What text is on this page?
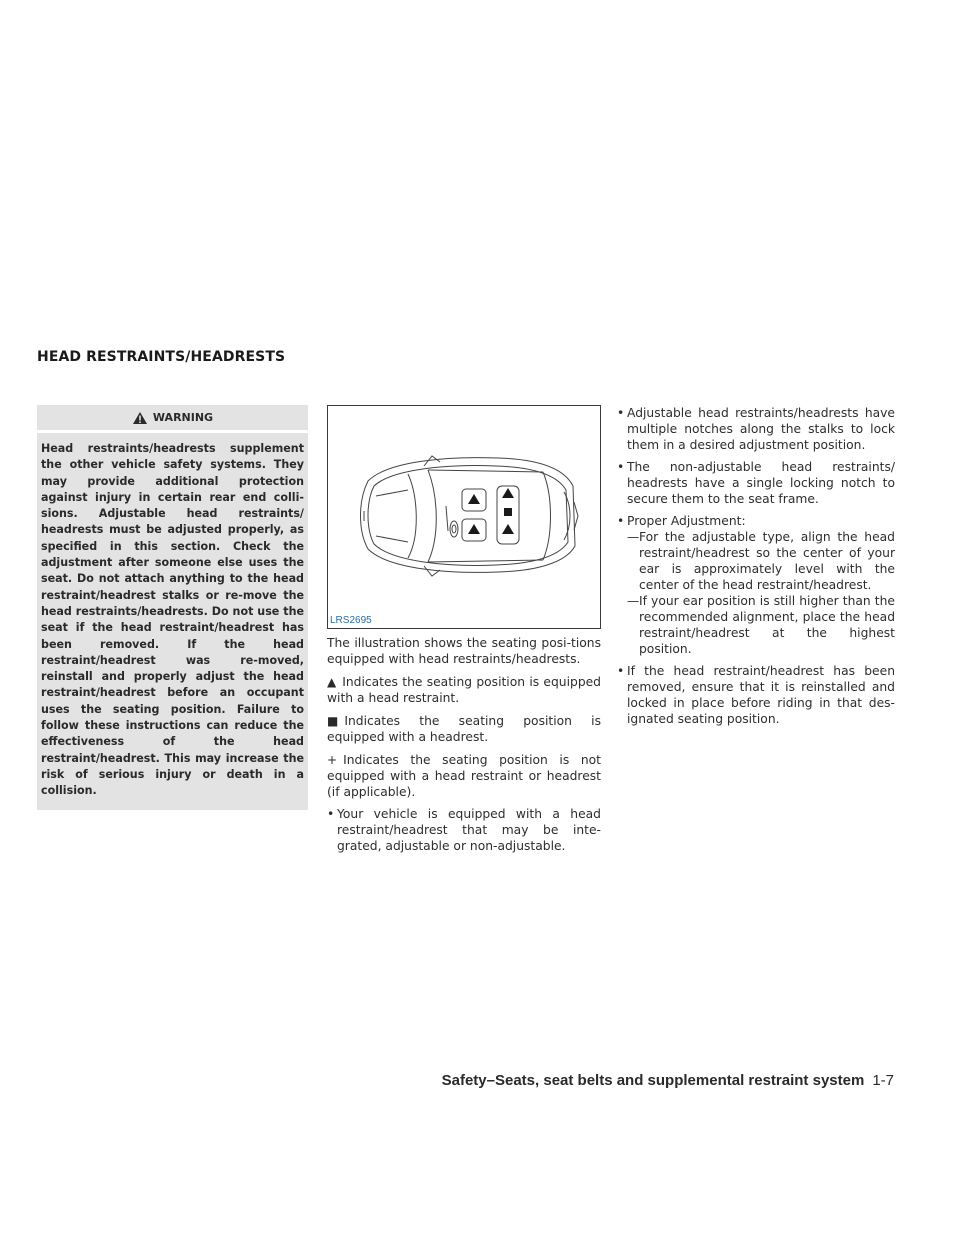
HEAD RESTRAINTS/HEADRESTS
WARNING
Head restraints/headrests supplement the other vehicle safety systems. They may provide additional protection against injury in certain rear end colli-sions. Adjustable head restraints/ headrests must be adjusted properly, as specified in this section. Check the adjustment after someone else uses the seat. Do not attach anything to the head restraint/headrest stalks or re-move the head restraints/headrests. Do not use the seat if the head restraint/headrest has been removed. If the head restraint/headrest was re-moved, reinstall and properly adjust the head restraint/headrest before an occupant uses the seating position. Failure to follow these instructions can reduce the effectiveness of the head restraint/headrest. This may increase the risk of serious injury or death in a collision.
LRS2695

The illustration shows the seating posi-tions equipped with head restraints/headrests.

▲ Indicates the seating position is equipped with a head restraint.

■ Indicates the seating position is equipped with a headrest.

+ Indicates the seating position is not equipped with a head restraint or headrest (if applicable).

• Your vehicle is equipped with a head restraint/headrest that may be inte-grated, adjustable or non-adjustable.
• Adjustable head restraints/headrests have multiple notches along the stalks to lock them in a desired adjustment position.
• The non-adjustable head restraints/ headrests have a single locking notch to secure them to the seat frame.
• Proper Adjustment:
— For the adjustable type, align the head restraint/headrest so the center of your ear is approximately level with the center of the head restraint/headrest.
— If your ear position is still higher than the recommended alignment, place the head restraint/headrest at the highest position.
• If the head restraint/headrest has been removed, ensure that it is reinstalled and locked in place before riding in that des-ignated seating position.
Safety–Seats, seat belts and supplemental restraint system 1-7
